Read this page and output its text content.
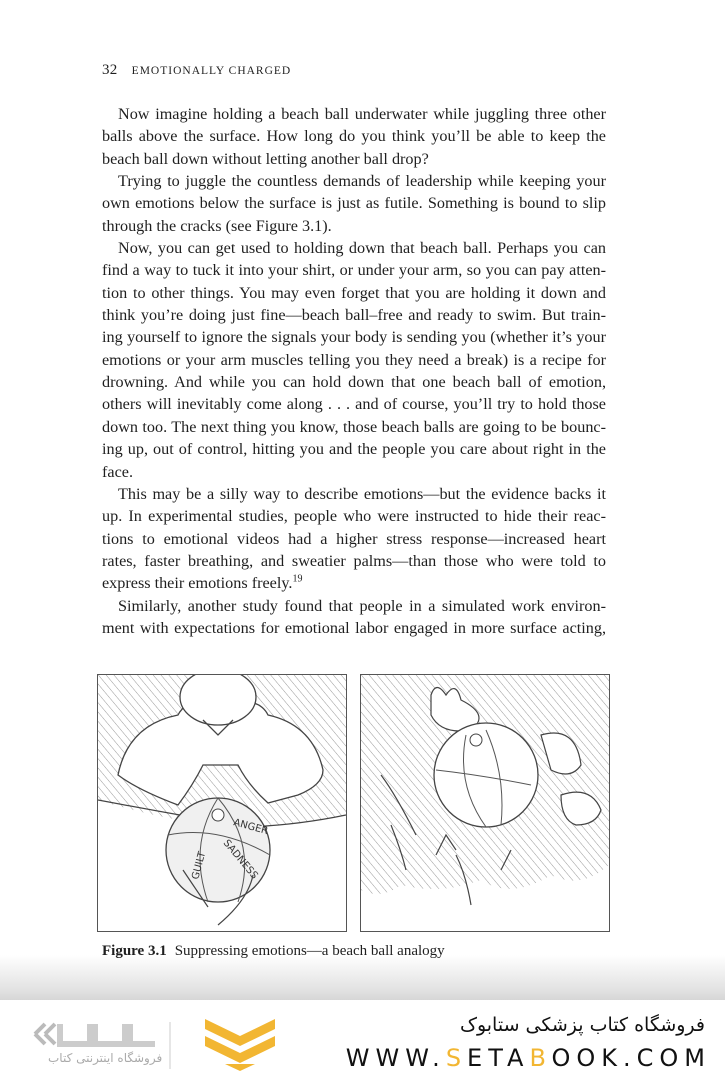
32 EMOTIONALLY CHARGED
Now imagine holding a beach ball underwater while juggling three other
balls above the surface. How long do you think you’ll be able to keep the
beach ball down without letting another ball drop?
Trying to juggle the countless demands of leadership while keeping your
own emotions below the surface is just as futile. Something is bound to slip
through the cracks (see Figure 3.1).
Now, you can get used to holding down that beach ball. Perhaps you can
find a way to tuck it into your shirt, or under your arm, so you can pay atten-
tion to other things. You may even forget that you are holding it down and
think you’re doing just fine—beach ball–free and ready to swim. But train-
ing yourself to ignore the signals your body is sending you (whether it’s your
emotions or your arm muscles telling you they need a break) is a recipe for
drowning. And while you can hold down that one beach ball of emotion,
others will inevitably come along . . . and of course, you’ll try to hold those
down too. The next thing you know, those beach balls are going to be bounc-
ing up, out of control, hitting you and the people you care about right in the
face.
This may be a silly way to describe emotions—but the evidence backs it
up. In experimental studies, people who were instructed to hide their reac-
tions to emotional videos had a higher stress response—increased heart
rates, faster breathing, and sweatier palms—than those who were told to
express their emotions freely.$^{19}$
Similarly, another study found that people in a simulated work environ-
ment with expectations for emotional labor engaged in more surface acting,
ANGER
SADNESS
GUILT
Figure 3.1 Suppressing emotions—a beach ball analogy
فروشگاه اینترنتی کتاب
فروشگاه کتاب پزشکی ستابوک
WWW.SETABOOK.COM
